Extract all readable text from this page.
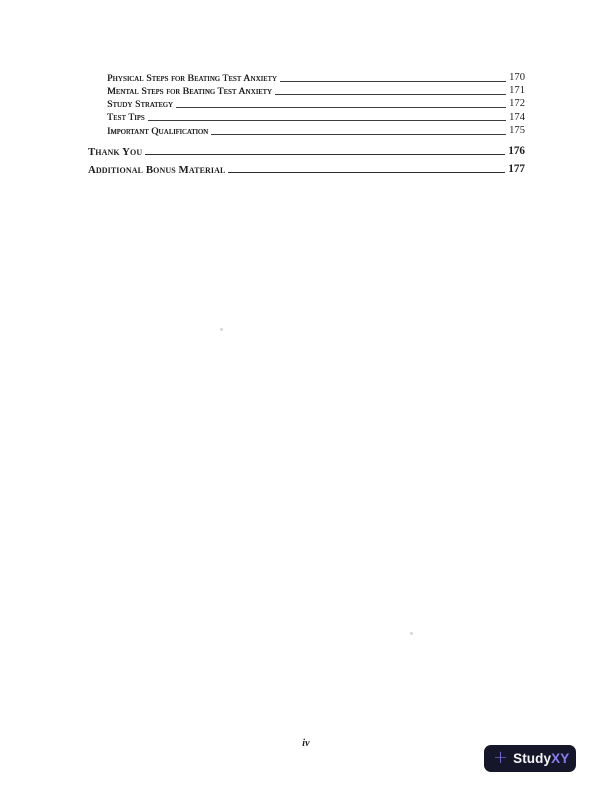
Physical Steps for Beating Test Anxiety	170
Mental Steps for Beating Test Anxiety	171
Study Strategy	172
Test Tips	174
Important Qualification	175
Thank You	176
Additional Bonus Material	177
iv
+ StudyXY
